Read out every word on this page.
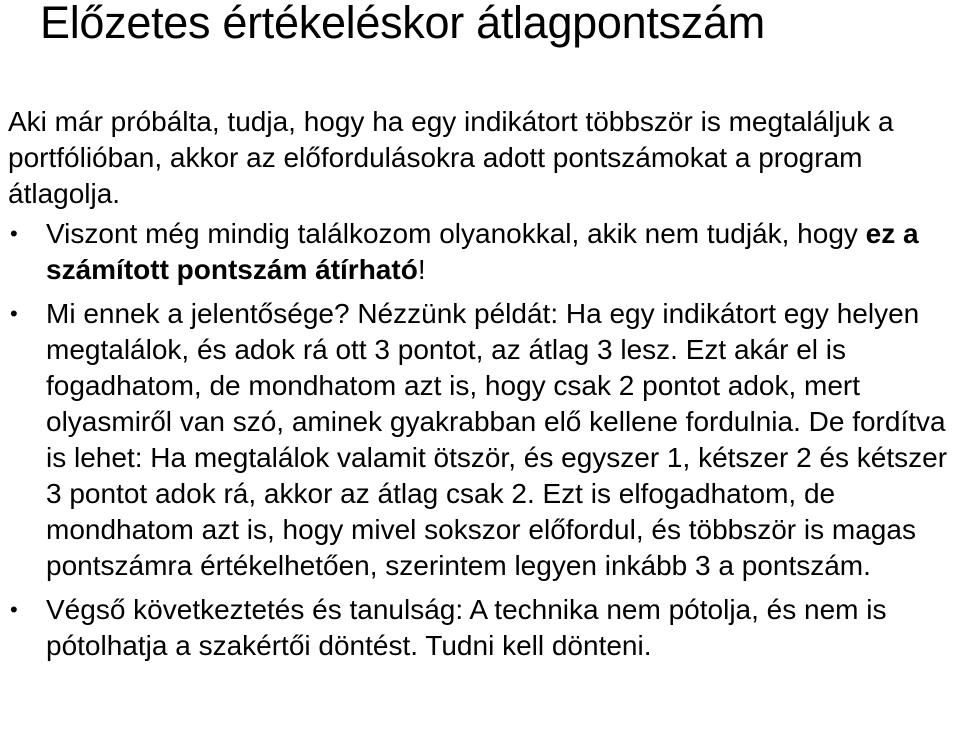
Előzetes értékeléskor átlagpontszám

Aki már próbálta, tudja, hogy ha egy indikátort többször is megtaláljuk a portfólióban, akkor az előfordulásokra adott pontszámokat a program átlagolja.

• Viszont még mindig találkozom olyanokkal, akik nem tudják, hogy ez a számított pontszám átírható!

• Mi ennek a jelentősége? Nézzünk példát: Ha egy indikátort egy helyen megtalálok, és adok rá ott 3 pontot, az átlag 3 lesz. Ezt akár el is fogadhatom, de mondhatom azt is, hogy csak 2 pontot adok, mert olyasmiről van szó, aminek gyakrabban elő kellene fordulnia. De fordítva is lehet: Ha megtalálok valamit ötször, és egyszer 1, kétszer 2 és kétszer 3 pontot adok rá, akkor az átlag csak 2. Ezt is elfogadhatom, de mondhatom azt is, hogy mivel sokszor előfordul, és többször is magas pontszámra értékelhetően, szerintem legyen inkább 3 a pontszám.

• Végső következtetés és tanulság: A technika nem pótolja, és nem is pótolhatja a szakértői döntést. Tudni kell dönteni.
